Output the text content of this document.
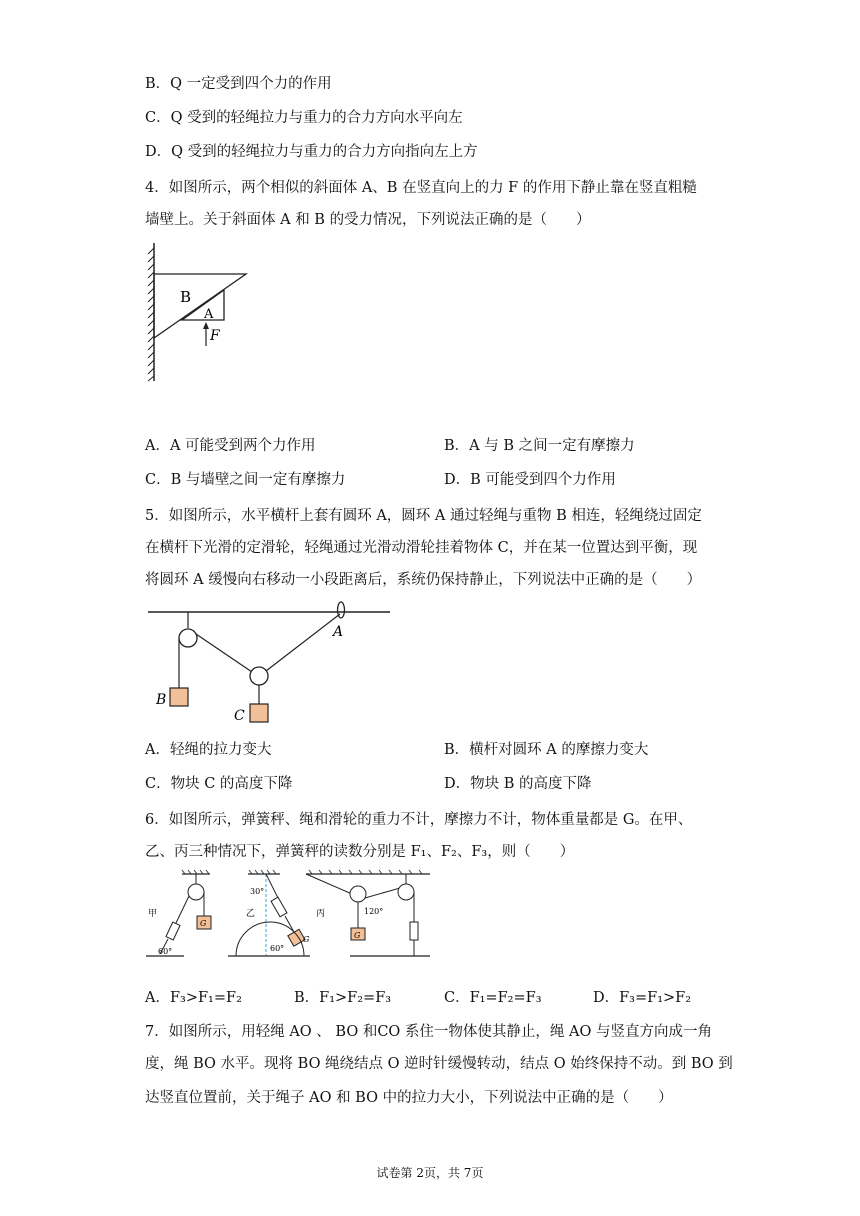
B．Q 一定受到四个力的作用
C．Q 受到的轻绳拉力与重力的合力方向水平向左
D．Q 受到的轻绳拉力与重力的合力方向指向左上方
4．如图所示，两个相似的斜面体 A、B 在竖直向上的力 F 的作用下静止靠在竖直粗糙
墙壁上。关于斜面体 A 和 B 的受力情况，下列说法正确的是（　　）
B
A
F
A．A 可能受到两个力作用	B．A 与 B 之间一定有摩擦力
C．B 与墙壁之间一定有摩擦力	D．B 可能受到四个力作用
5．如图所示，水平横杆上套有圆环 A，圆环 A 通过轻绳与重物 B 相连，轻绳绕过固定
在横杆下光滑的定滑轮，轻绳通过光滑动滑轮挂着物体 C，并在某一位置达到平衡，现
将圆环 A 缓慢向右移动一小段距离后，系统仍保持静止，下列说法中正确的是（　　）
A
B
C
A．轻绳的拉力变大	B．横杆对圆环 A 的摩擦力变大
C．物块 C 的高度下降	D．物块 B 的高度下降
6．如图所示，弹簧秤、绳和滑轮的重力不计，摩擦力不计，物体重量都是 G。在甲、
乙、丙三种情况下，弹簧秤的读数分别是 F₁、F₂、F₃，则（　　）
G
60°
甲
30°
G
60°
乙
G
120°
丙
A．F₃>F₁=F₂	B．F₁>F₂=F₃	C．F₁=F₂=F₃	D．F₃=F₁>F₂
7．如图所示，用轻绳 AO 、 BO 和CO 系住一物体使其静止，绳 AO 与竖直方向成一角
度，绳 BO 水平。现将 BO 绳绕结点 O 逆时针缓慢转动，结点 O 始终保持不动。到 BO 到
达竖直位置前，关于绳子 AO 和 BO 中的拉力大小，下列说法中正确的是（　　）
试卷第 2页，共 7页
